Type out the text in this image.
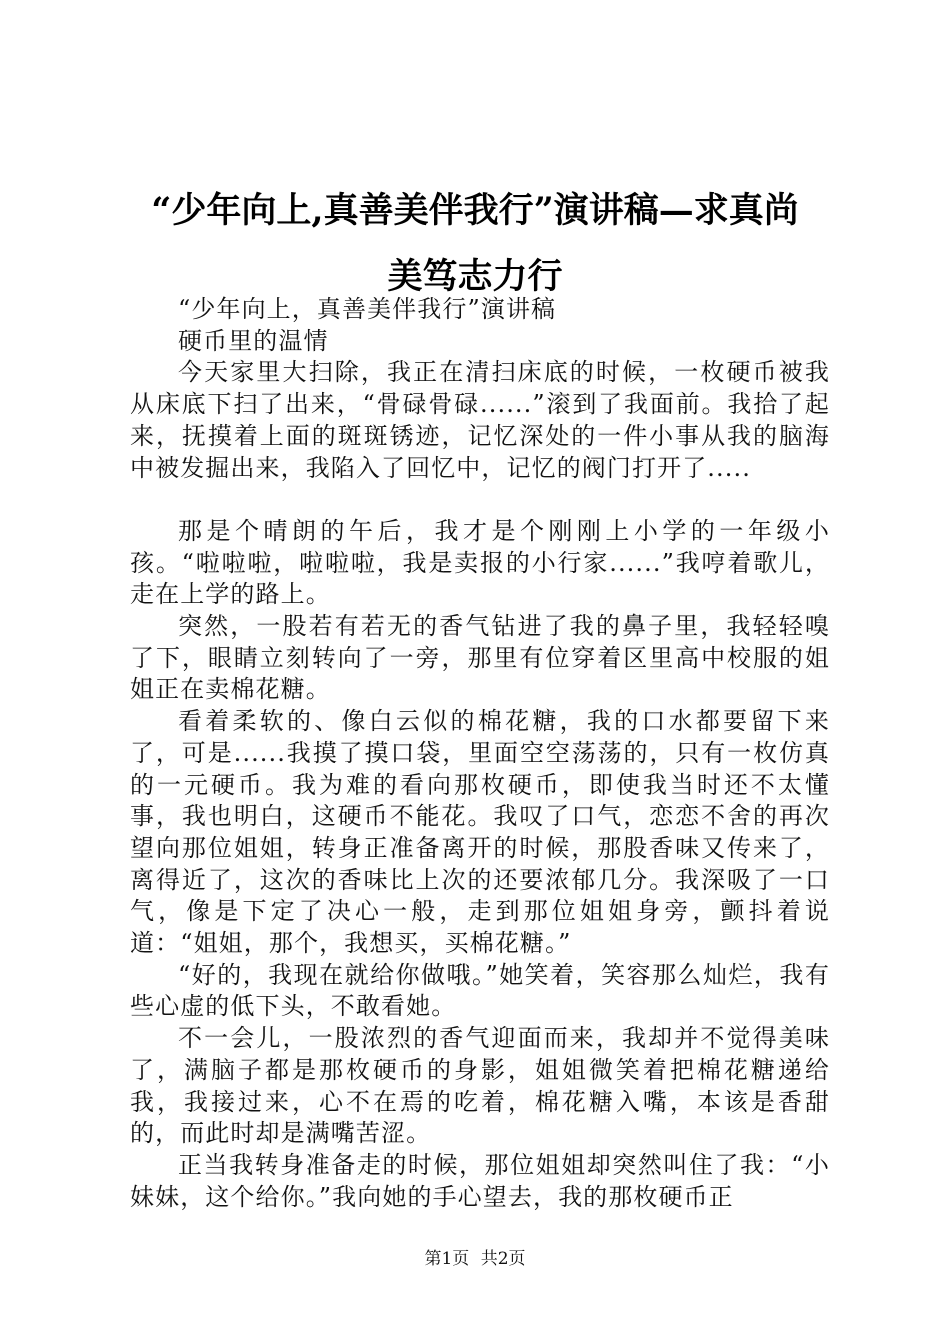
“少年向上,真善美伴我行”演讲稿—求真尚
美笃志力行

“少年向上，真善美伴我行”演讲稿

硬币里的温情

今天家里大扫除，我正在清扫床底的时候，一枚硬币被我从床底下扫了出来，“骨碌骨碌......”滚到了我面前。我拾了起来，抚摸着上面的斑斑锈迹，记忆深处的一件小事从我的脑海中被发掘出来，我陷入了回忆中，记忆的阀门打开了.....

那是个晴朗的午后，我才是个刚刚上小学的一年级小孩。“啦啦啦，啦啦啦，我是卖报的小行家......”我哼着歌儿，走在上学的路上。

突然，一股若有若无的香气钻进了我的鼻子里，我轻轻嗅了下，眼睛立刻转向了一旁，那里有位穿着区里高中校服的姐姐正在卖棉花糖。

看着柔软的、像白云似的棉花糖，我的口水都要留下来了，可是......我摸了摸口袋，里面空空荡荡的，只有一枚仿真的一元硬币。我为难的看向那枚硬币，即使我当时还不太懂事，我也明白，这硬币不能花。我叹了口气，恋恋不舍的再次望向那位姐姐，转身正准备离开的时候，那股香味又传来了，离得近了，这次的香味比上次的还要浓郁几分。我深吸了一口气，像是下定了决心一般，走到那位姐姐身旁，颤抖着说道：“姐姐，那个，我想买，买棉花糖。”

“好的，我现在就给你做哦。”她笑着，笑容那么灿烂，我有些心虚的低下头，不敢看她。

不一会儿，一股浓烈的香气迎面而来，我却并不觉得美味了，满脑子都是那枚硬币的身影，姐姐微笑着把棉花糖递给我，我接过来，心不在焉的吃着，棉花糖入嘴，本该是香甜的，而此时却是满嘴苦涩。

正当我转身准备走的时候，那位姐姐却突然叫住了我：“小妹妹，这个给你。”我向她的手心望去，我的那枚硬币正

第1页 共2页
